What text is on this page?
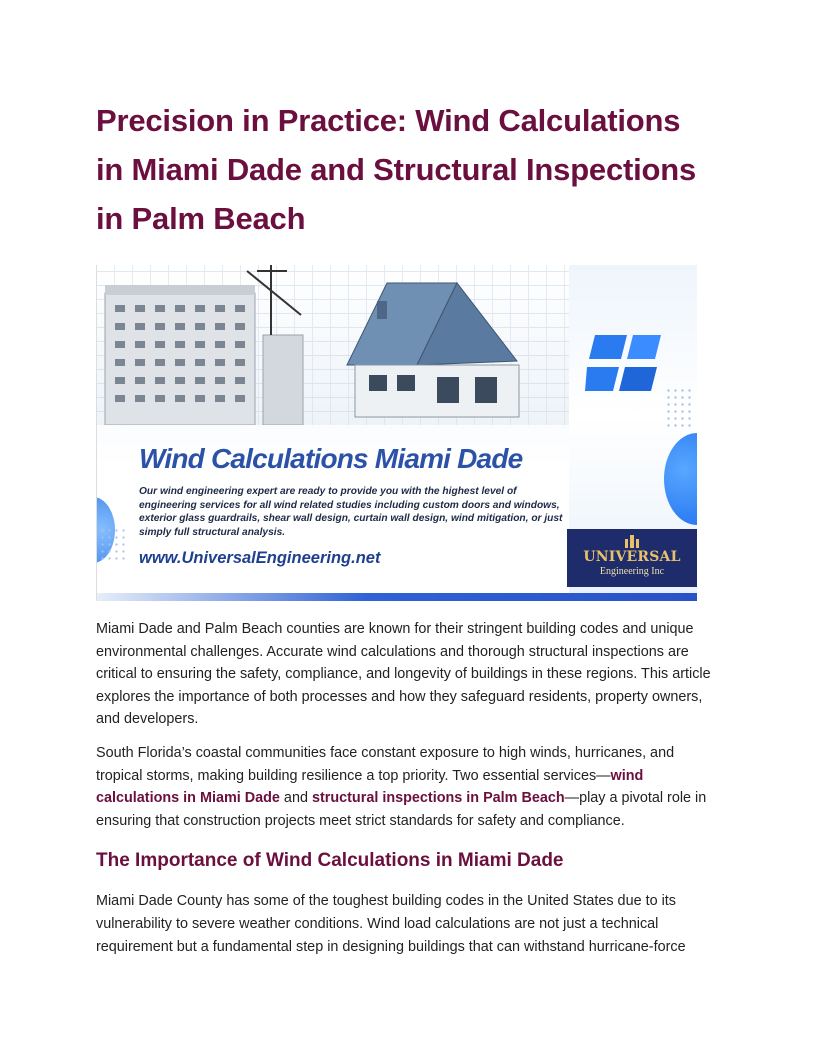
Precision in Practice: Wind Calculations in Miami Dade and Structural Inspections in Palm Beach
Wind Calculations Miami Dade
Our wind engineering expert are ready to provide you with the highest level of engineering services for all wind related studies including custom doors and windows, exterior glass guardrails, shear wall design, curtain wall design, wind mitigation, or just simply full structural analysis.
www.UniversalEngineering.net	UNIVERSAL
Engineering Inc

Miami Dade and Palm Beach counties are known for their stringent building codes and unique environmental challenges. Accurate wind calculations and thorough structural inspections are critical to ensuring the safety, compliance, and longevity of buildings in these regions. This article explores the importance of both processes and how they safeguard residents, property owners, and developers.

South Florida’s coastal communities face constant exposure to high winds, hurricanes, and tropical storms, making building resilience a top priority. Two essential services—wind calculations in Miami Dade and structural inspections in Palm Beach—play a pivotal role in ensuring that construction projects meet strict standards for safety and compliance.

The Importance of Wind Calculations in Miami Dade

Miami Dade County has some of the toughest building codes in the United States due to its vulnerability to severe weather conditions. Wind load calculations are not just a technical requirement but a fundamental step in designing buildings that can withstand hurricane-force
